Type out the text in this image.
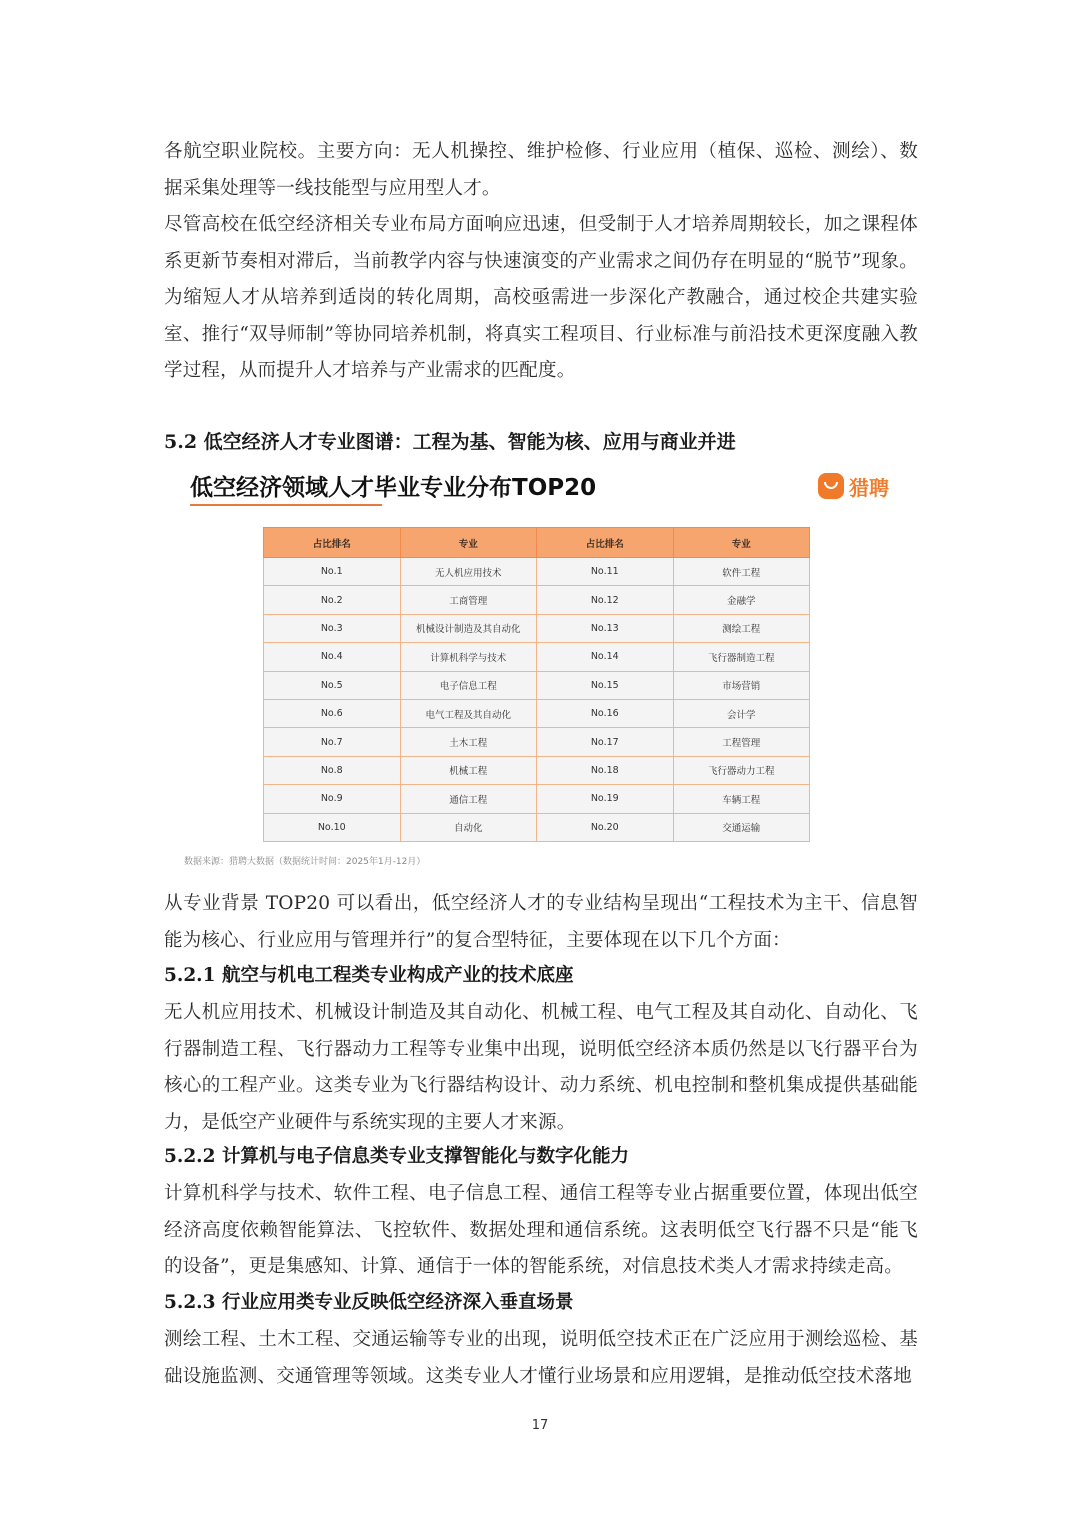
各航空职业院校。主要方向：无人机操控、维护检修、行业应用（植保、巡检、测绘）、数据采集处理等一线技能型与应用型人才。

尽管高校在低空经济相关专业布局方面响应迅速，但受制于人才培养周期较长，加之课程体系更新节奏相对滞后，当前教学内容与快速演变的产业需求之间仍存在明显的“脱节”现象。为缩短人才从培养到适岗的转化周期，高校亟需进一步深化产教融合，通过校企共建实验室、推行“双导师制”等协同培养机制，将真实工程项目、行业标准与前沿技术更深度融入教学过程，从而提升人才培养与产业需求的匹配度。

5.2 低空经济人才专业图谱：工程为基、智能为核、应用与商业并进
低空经济领域人才毕业专业分布TOP20	猎聘
占比排名	专业	占比排名	专业
No.1	无人机应用技术	No.11	软件工程
No.2	工商管理	No.12	金融学
No.3	机械设计制造及其自动化	No.13	测绘工程
No.4	计算机科学与技术	No.14	飞行器制造工程
No.5	电子信息工程	No.15	市场营销
No.6	电气工程及其自动化	No.16	会计学
No.7	土木工程	No.17	工程管理
No.8	机械工程	No.18	飞行器动力工程
No.9	通信工程	No.19	车辆工程
No.10	自动化	No.20	交通运输
数据来源：猎聘大数据（数据统计时间：2025年1月-12月）

从专业背景 TOP20 可以看出，低空经济人才的专业结构呈现出“工程技术为主干、信息智能为核心、行业应用与管理并行”的复合型特征，主要体现在以下几个方面：

5.2.1 航空与机电工程类专业构成产业的技术底座

无人机应用技术、机械设计制造及其自动化、机械工程、电气工程及其自动化、自动化、飞行器制造工程、飞行器动力工程等专业集中出现，说明低空经济本质仍然是以飞行器平台为核心的工程产业。这类专业为飞行器结构设计、动力系统、机电控制和整机集成提供基础能力，是低空产业硬件与系统实现的主要人才来源。

5.2.2 计算机与电子信息类专业支撑智能化与数字化能力

计算机科学与技术、软件工程、电子信息工程、通信工程等专业占据重要位置，体现出低空经济高度依赖智能算法、飞控软件、数据处理和通信系统。这表明低空飞行器不只是“能飞的设备”，更是集感知、计算、通信于一体的智能系统，对信息技术类人才需求持续走高。

5.2.3 行业应用类专业反映低空经济深入垂直场景

测绘工程、土木工程、交通运输等专业的出现，说明低空技术正在广泛应用于测绘巡检、基础设施监测、交通管理等领域。这类专业人才懂行业场景和应用逻辑，是推动低空技术落地

17
